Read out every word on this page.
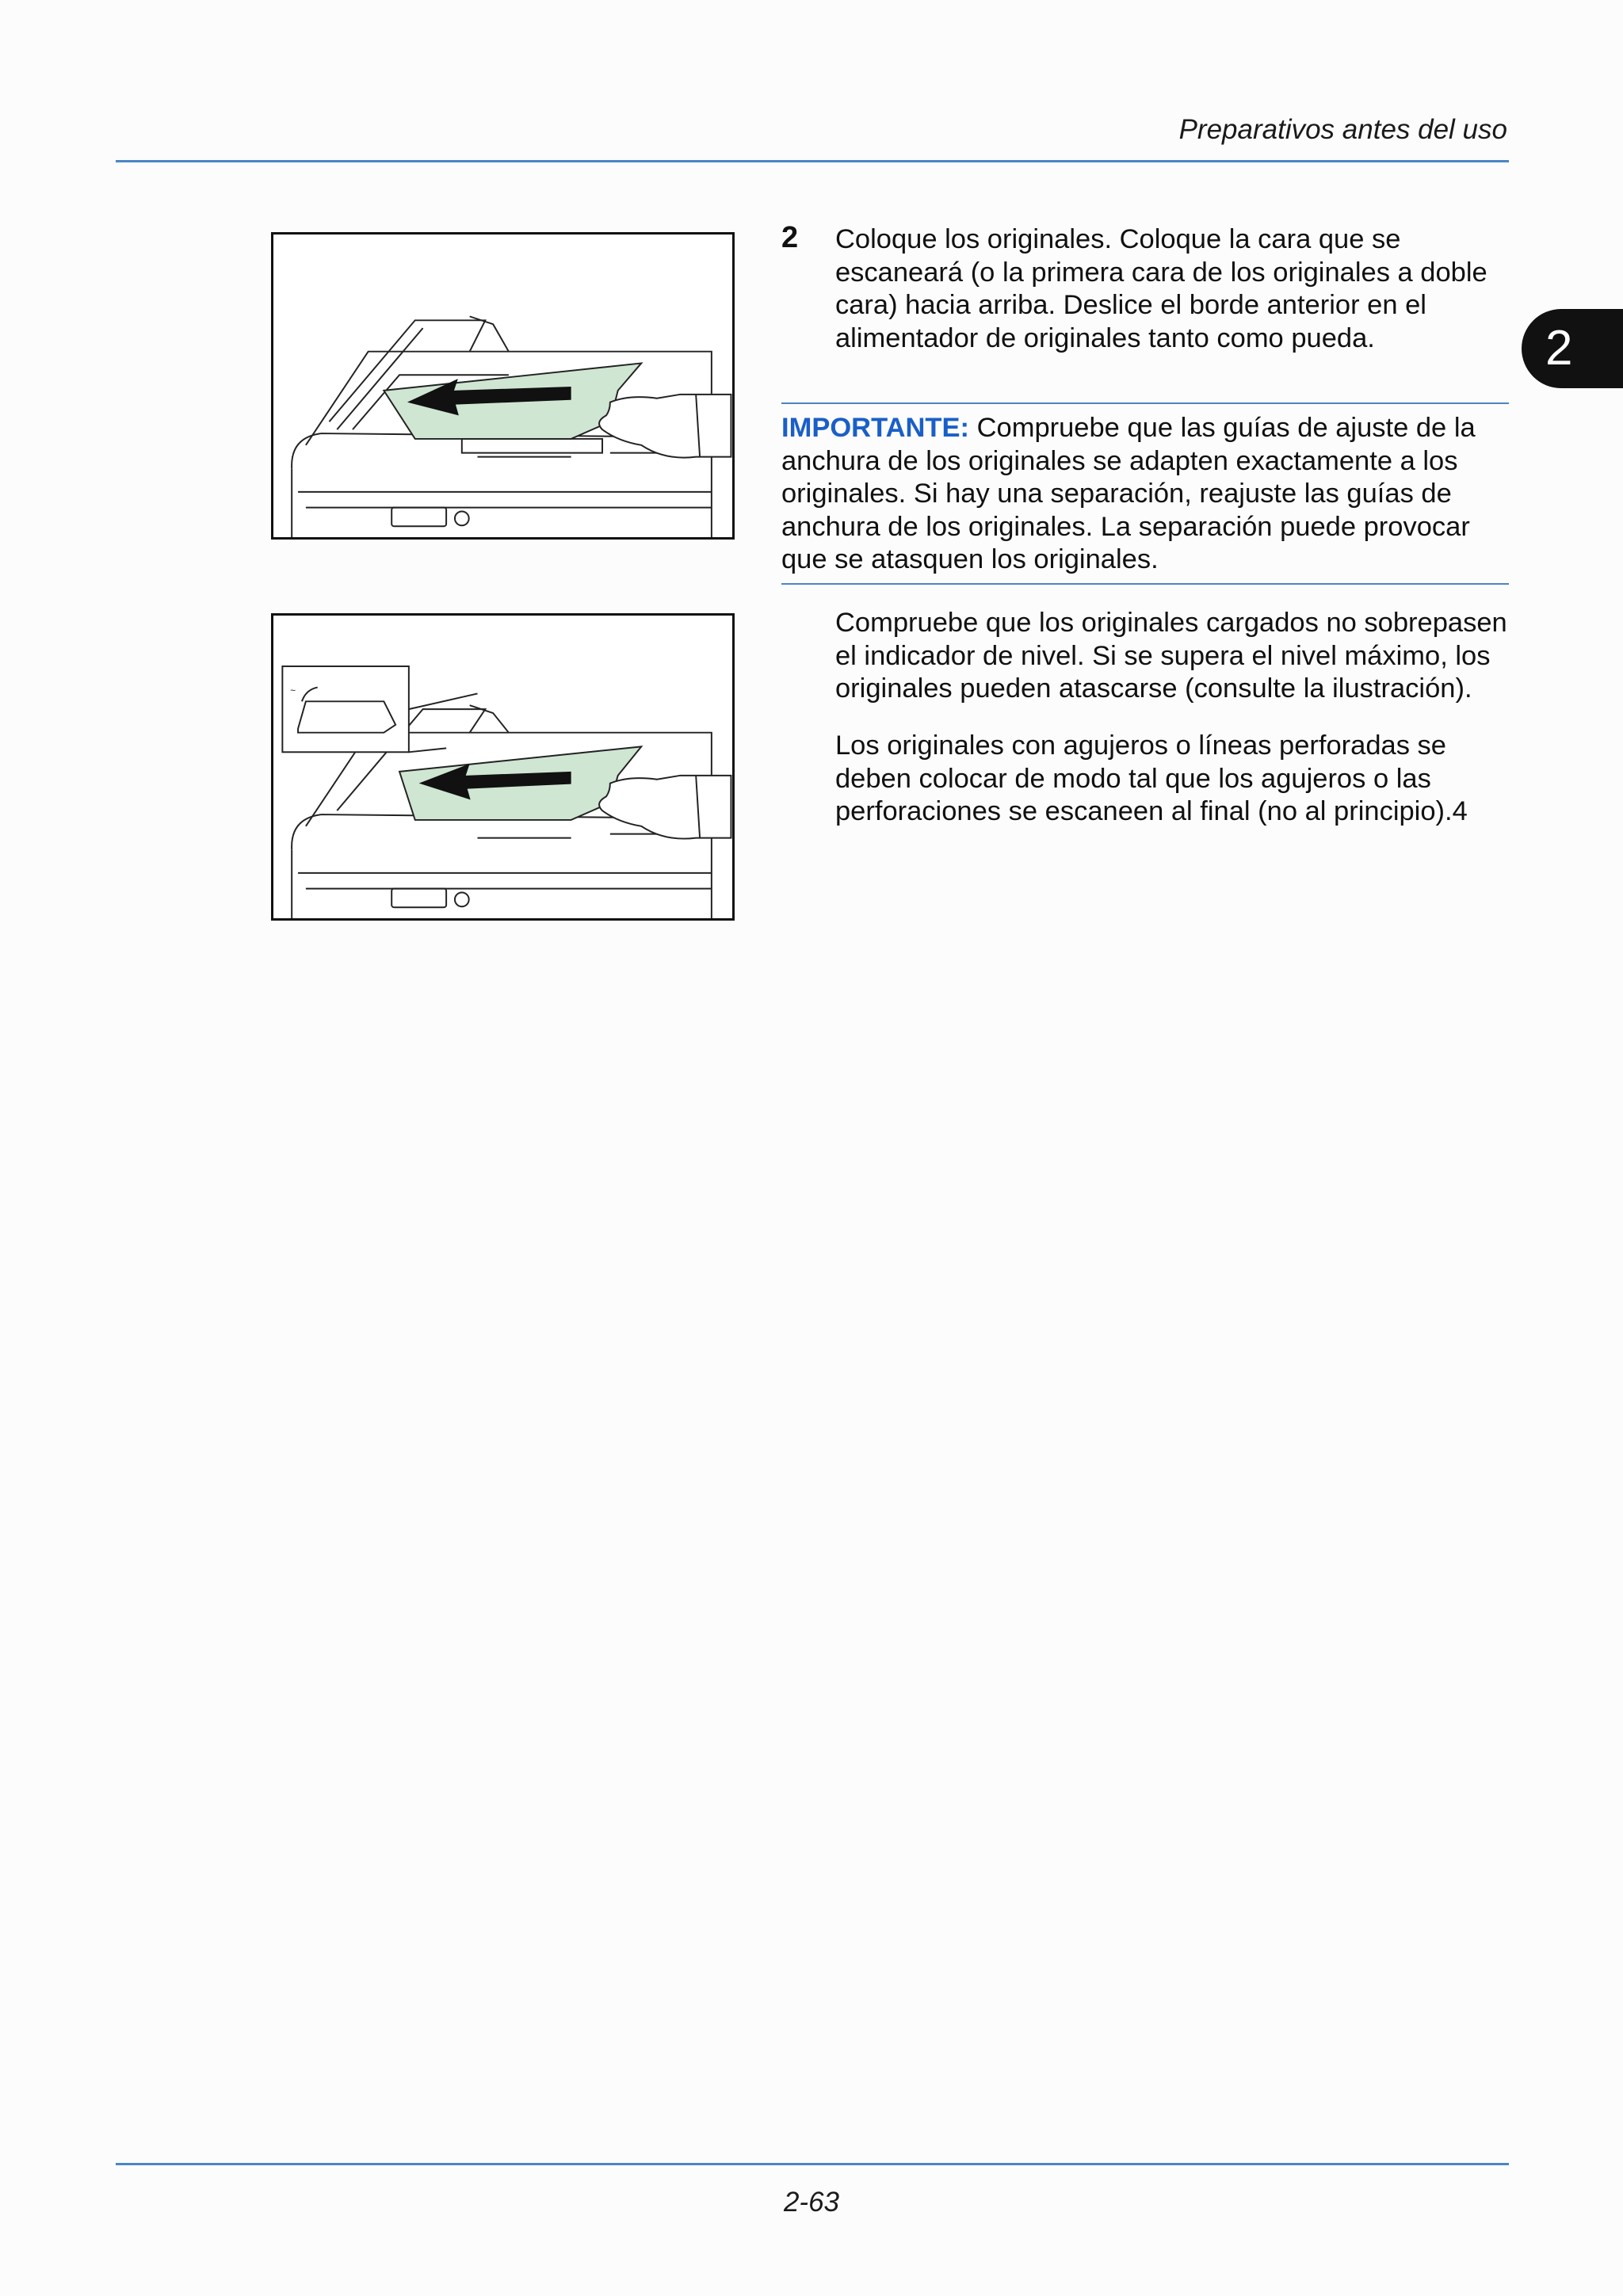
Preparativos antes del uso
2
~
2 Coloque los originales. Coloque la cara que se escaneará (o la primera cara de los originales a doble cara) hacia arriba. Deslice el borde anterior en el alimentador de originales tanto como pueda.
IMPORTANTE: Compruebe que las guías de ajuste de la anchura de los originales se adapten exactamente a los originales. Si hay una separación, reajuste las guías de anchura de los originales. La separación puede provocar que se atasquen los originales.
Compruebe que los originales cargados no sobrepasen el indicador de nivel. Si se supera el nivel máximo, los originales pueden atascarse (consulte la ilustración).
Los originales con agujeros o líneas perforadas se deben colocar de modo tal que los agujeros o las perforaciones se escaneen al final (no al principio).4
2-63
